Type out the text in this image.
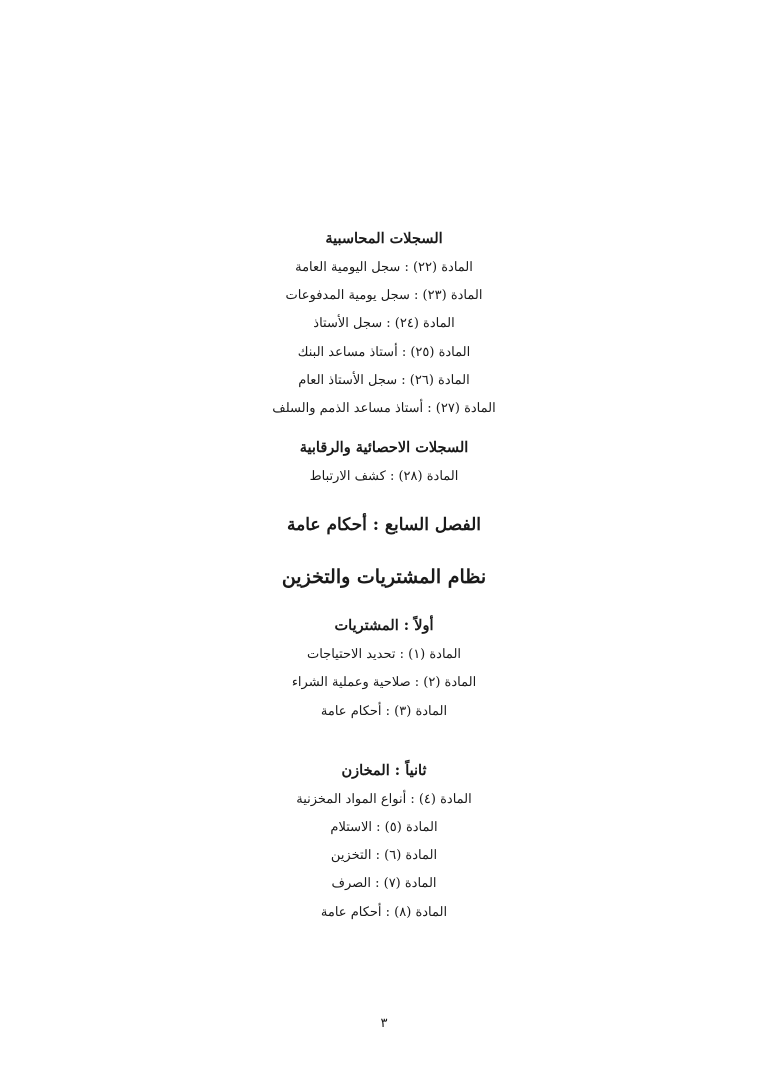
السجلات المحاسبية
المادة (٢٢) : سجل اليومية العامة
المادة (٢٣) : سجل يومية المدفوعات
المادة (٢٤) : سجل الأستاذ
المادة (٢٥) : أستاذ مساعد البنك
المادة (٢٦) : سجل الأستاذ العام
المادة (٢٧) : أستاذ مساعد الذمم والسلف
السجلات الاحصائية والرقابية
المادة (٢٨) : كشف الارتباط
الفصل السابع : أحكام عامة
نظام المشتريات والتخزين
أولاً : المشتريات
المادة (١) : تحديد الاحتياجات
المادة (٢) : صلاحية وعملية الشراء
المادة (٣) : أحكام عامة
ثانياً : المخازن
المادة (٤) : أنواع المواد المخزنية
المادة (٥) : الاستلام
المادة (٦) : التخزين
المادة (٧) : الصرف
المادة (٨) : أحكام عامة
٣
